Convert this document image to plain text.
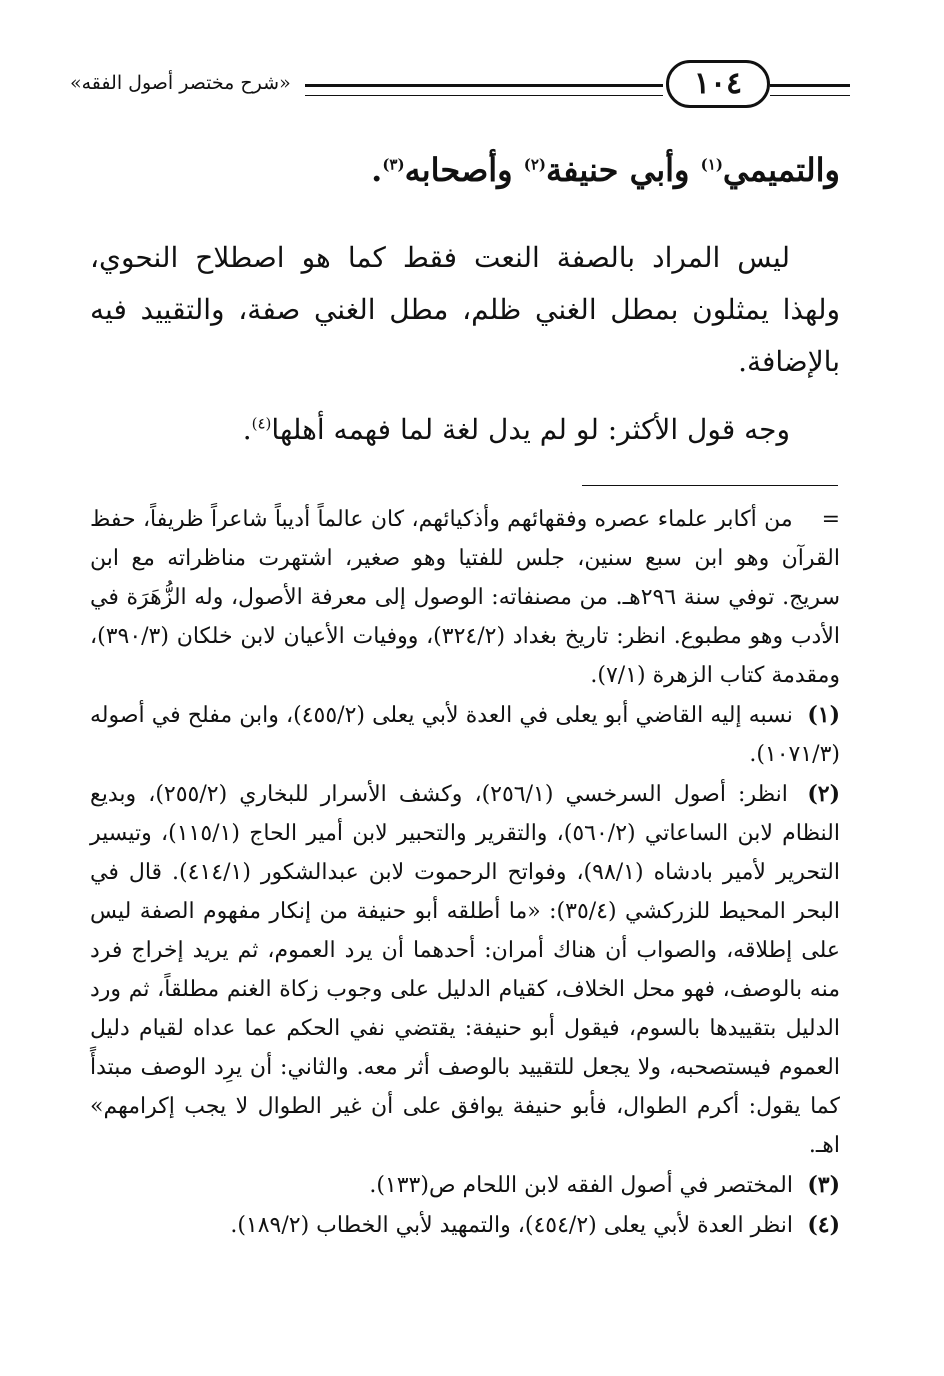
«شرح مختصر أصول الفقه»	١٠٤
والتميمي$^{(١)}$ وأبي حنيفة$^{(٢)}$ وأصحابه$^{(٣)}$.
ليس المراد بالصفة النعت فقط كما هو اصطلاح النحوي، ولهذا يمثلون بمطل الغني ظلم، مطل الغني صفة، والتقييد فيه بالإضافة.
وجه قول الأكثر: لو لم يدل لغة لما فهمه أهلها$^{(٤)}$.
= من أكابر علماء عصره وفقهائهم وأذكيائهم، كان عالماً أديباً شاعراً ظريفاً، حفظ القرآن وهو ابن سبع سنين، جلس للفتيا وهو صغير، اشتهرت مناظراته مع ابن سريج. توفي سنة ٢٩٦هـ. من مصنفاته: الوصول إلى معرفة الأصول، وله الزُّهَرَة في الأدب وهو مطبوع. انظر: تاريخ بغداد (٣٢٤/٢)، ووفيات الأعيان لابن خلكان (٣٩٠/٣)، ومقدمة كتاب الزهرة (٧/١).
(١) نسبه إليه القاضي أبو يعلى في العدة لأبي يعلى (٤٥٥/٢)، وابن مفلح في أصوله (١٠٧١/٣).
(٢) انظر: أصول السرخسي (٢٥٦/١)، وكشف الأسرار للبخاري (٢٥٥/٢)، وبديع النظام لابن الساعاتي (٥٦٠/٢)، والتقرير والتحبير لابن أمير الحاج (١١٥/١)، وتيسير التحرير لأمير بادشاه (٩٨/١)، وفواتح الرحموت لابن عبدالشكور (٤١٤/١). قال في البحر المحيط للزركشي (٣٥/٤): «ما أطلقه أبو حنيفة من إنكار مفهوم الصفة ليس على إطلاقه، والصواب أن هناك أمران: أحدهما أن يرد العموم، ثم يريد إخراج فرد منه بالوصف، فهو محل الخلاف، كقيام الدليل على وجوب زكاة الغنم مطلقاً، ثم ورد الدليل بتقييدها بالسوم، فيقول أبو حنيفة: يقتضي نفي الحكم عما عداه لقيام دليل العموم فيستصحبه، ولا يجعل للتقييد بالوصف أثر معه. والثاني: أن يرِد الوصف مبتدأً كما يقول: أكرم الطوال، فأبو حنيفة يوافق على أن غير الطوال لا يجب إكرامهم» اهـ.
(٣) المختصر في أصول الفقه لابن اللحام ص(١٣٣).
(٤) انظر العدة لأبي يعلى (٤٥٤/٢)، والتمهيد لأبي الخطاب (١٨٩/٢).
